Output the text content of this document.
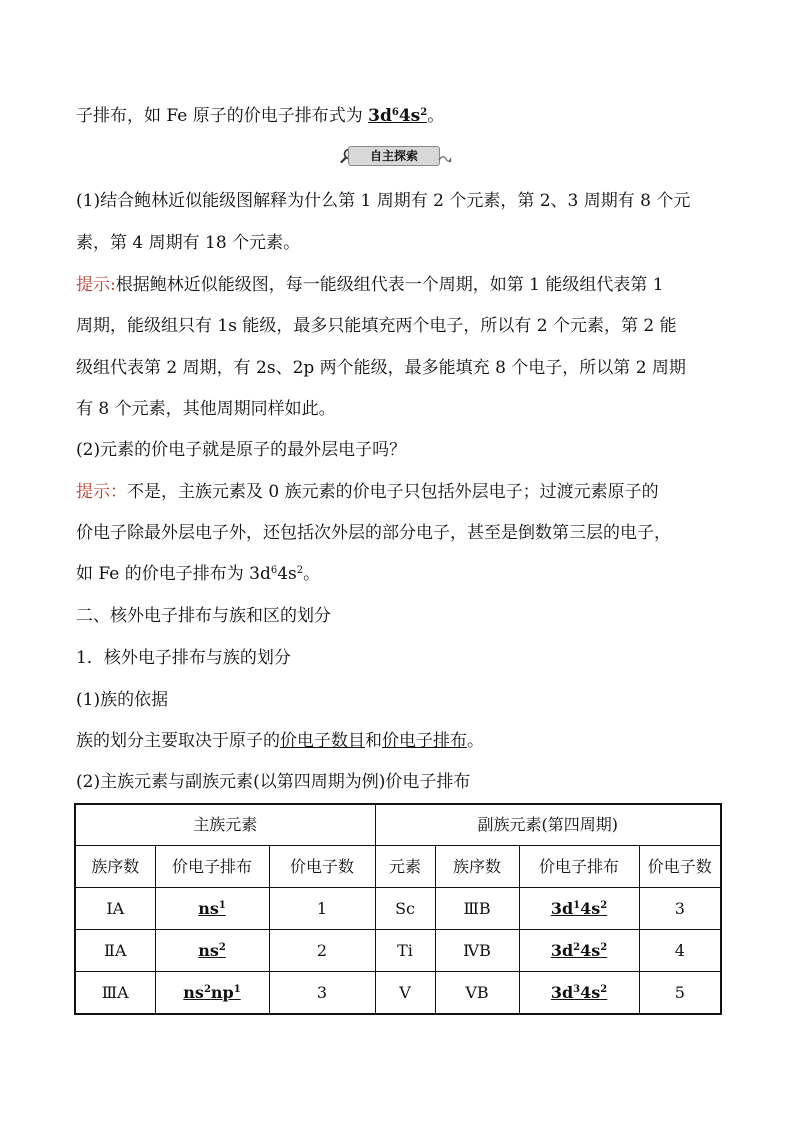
子排布，如 Fe 原子的价电子排布式为 $3d^64s^2$。
自主探索
(1)结合鲍林近似能级图解释为什么第 1 周期有 2 个元素，第 2、3 周期有 8 个元
素，第 4 周期有 18 个元素。
提示:根据鲍林近似能级图，每一能级组代表一个周期，如第 1 能级组代表第 1
周期，能级组只有 1s 能级，最多只能填充两个电子，所以有 2 个元素，第 2 能
级组代表第 2 周期，有 2s、2p 两个能级，最多能填充 8 个电子，所以第 2 周期
有 8 个元素，其他周期同样如此。
(2)元素的价电子就是原子的最外层电子吗？
提示：不是，主族元素及 0 族元素的价电子只包括外层电子；过渡元素原子的
价电子除最外层电子外，还包括次外层的部分电子，甚至是倒数第三层的电子，
如 Fe 的价电子排布为 $3d^64s^2$。
二、核外电子排布与族和区的划分
1．核外电子排布与族的划分
(1)族的依据
族的划分主要取决于原子的价电子数目和价电子排布。
(2)主族元素与副族元素(以第四周期为例)价电子排布
主族元素			副族元素(第四周期)			
族序数	价电子排布	价电子数	元素	族序数	价电子排布	价电子数
ⅠA	$ns^1$	1	Sc	ⅢB	$3d^14s^2$	3
ⅡA	$ns^2$	2	Ti	ⅣB	$3d^24s^2$	4
ⅢA	$ns^2np^1$	3	V	ⅤB	$3d^34s^2$	5
